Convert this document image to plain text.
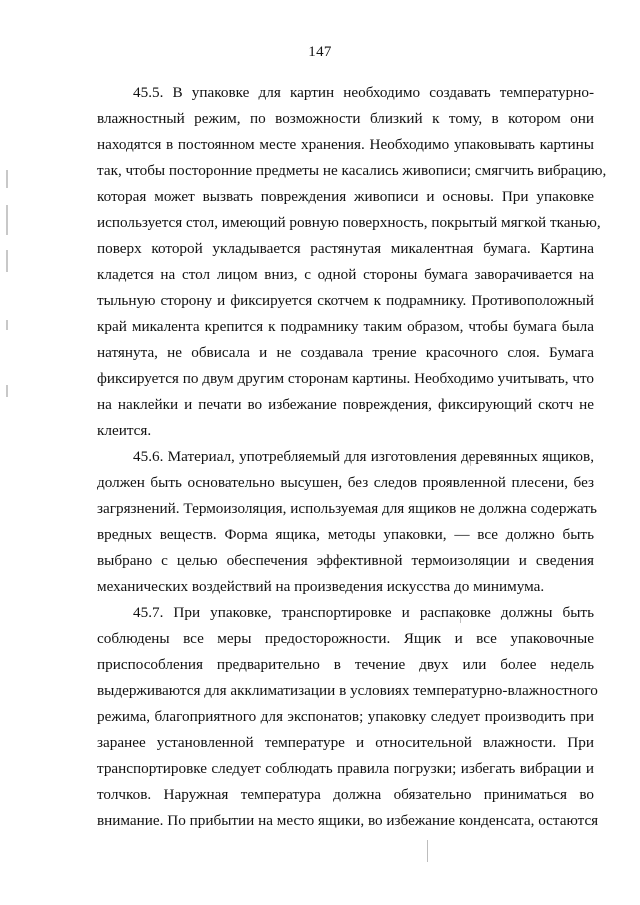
147
45.5. В упаковке для картин необходимо создавать температурно-
влажностный режим, по возможности близкий к тому, в котором они
находятся в постоянном месте хранения. Необходимо упаковывать картины
так, чтобы посторонние предметы не касались живописи; смягчить вибрацию,
которая может вызвать повреждения живописи и основы. При упаковке
используется стол, имеющий ровную поверхность, покрытый мягкой тканью,
поверх которой укладывается растянутая микалентная бумага. Картина
кладется на стол лицом вниз, с одной стороны бумага заворачивается на
тыльную сторону и фиксируется скотчем к подрамнику. Противоположный
край микалента крепится к подрамнику таким образом, чтобы бумага была
натянута, не обвисала и не создавала трение красочного слоя. Бумага
фиксируется по двум другим сторонам картины. Необходимо учитывать, что
на наклейки и печати во избежание повреждения, фиксирующий скотч не
клеится.
45.6. Материал, употребляемый для изготовления деревянных ящиков,
должен быть основательно высушен, без следов проявленной плесени, без
загрязнений. Термоизоляция, используемая для ящиков не должна содержать
вредных веществ. Форма ящика, методы упаковки, — все должно быть
выбрано с целью обеспечения эффективной термоизоляции и сведения
механических воздействий на произведения искусства до минимума.
45.7. При упаковке, транспортировке и распаковке должны быть
соблюдены все меры предосторожности. Ящик и все упаковочные
приспособления предварительно в течение двух или более недель
выдерживаются для акклиматизации в условиях температурно-влажностного
режима, благоприятного для экспонатов; упаковку следует производить при
заранее установленной температуре и относительной влажности. При
транспортировке следует соблюдать правила погрузки; избегать вибрации и
толчков. Наружная температура должна обязательно приниматься во
внимание. По прибытии на место ящики, во избежание конденсата, остаются
